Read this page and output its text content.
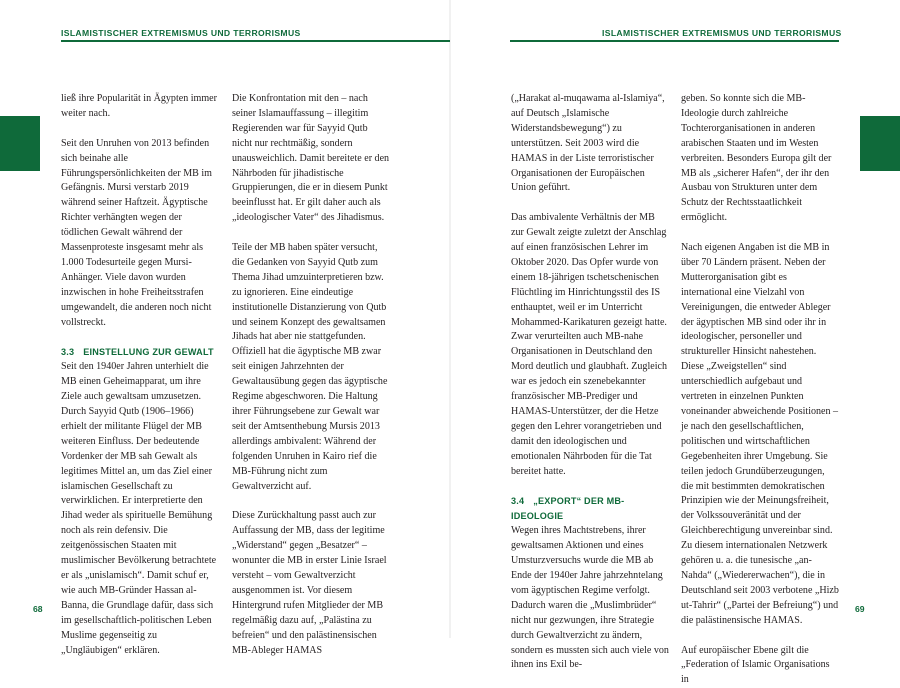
ISLAMISTISCHER EXTREMISMUS UND TERRORISMUS

ließ ihre Popularität in Ägypten immer weiter nach.

Seit den Unruhen von 2013 befinden sich beinahe alle Führungspersönlichkeiten der MB im Gefängnis. Mursi verstarb 2019 während seiner Haftzeit. Ägyptische Richter verhängten wegen der tödlichen Gewalt während der Massenproteste insgesamt mehr als 1.000 Todesurteile gegen Mursi-Anhänger. Viele davon wurden inzwischen in hohe Freiheitsstrafen umgewandelt, die anderen noch nicht vollstreckt.

3.3 EINSTELLUNG ZUR GEWALT

Seit den 1940er Jahren unterhielt die MB einen Geheimapparat, um ihre Ziele auch gewaltsam umzusetzen. Durch Sayyid Qutb (1906–1966) erhielt der militante Flügel der MB weiteren Einfluss. Der bedeutende Vordenker der MB sah Gewalt als legitimes Mittel an, um das Ziel einer islamischen Gesellschaft zu verwirklichen. Er interpretierte den Jihad weder als spirituelle Bemühung noch als rein defensiv. Die zeitgenössischen Staaten mit muslimischer Bevölkerung betrachtete er als „unislamisch“. Damit schuf er, wie auch MB-Gründer Hassan al-Banna, die Grundlage dafür, dass sich im gesellschaftlich-politischen Leben Muslime gegenseitig zu „Ungläubigen“ erklären.

Die Konfrontation mit den – nach seiner Islamauffassung – illegitim Regierenden war für Sayyid Qutb nicht nur rechtmäßig, sondern unausweichlich. Damit bereitete er den Nährboden für jihadistische Gruppierungen, die er in diesem Punkt beeinflusst hat. Er gilt daher auch als „ideologischer Vater“ des Jihadismus.

Teile der MB haben später versucht, die Gedanken von Sayyid Qutb zum Thema Jihad umzuinterpretieren bzw. zu ignorieren. Eine eindeutige institutionelle Distanzierung von Qutb und seinem Konzept des gewaltsamen Jihads hat aber nie stattgefunden. Offiziell hat die ägyptische MB zwar seit einigen Jahrzehnten der Gewaltausübung gegen das ägyptische Regime abgeschworen. Die Haltung ihrer Führungsebene zur Gewalt war seit der Amtsenthebung Mursis 2013 allerdings ambivalent: Während der folgenden Unruhen in Kairo rief die MB-Führung nicht zum Gewaltverzicht auf.

Diese Zurückhaltung passt auch zur Auffassung der MB, dass der legitime „Widerstand“ gegen „Besatzer“ – wonunter die MB in erster Linie Israel versteht – vom Gewaltverzicht ausgenommen ist. Vor diesem Hintergrund rufen Mitglieder der MB regelmäßig dazu auf, „Palästina zu befreien“ und den palästinensischen MB-Ableger HAMAS

68
ISLAMISTISCHER EXTREMISMUS UND TERRORISMUS

(„Harakat al-muqawama al-Islamiya“, auf Deutsch „Islamische Widerstandsbewegung“) zu unterstützen. Seit 2003 wird die HAMAS in der Liste terroristischer Organisationen der Europäischen Union geführt.

Das ambivalente Verhältnis der MB zur Gewalt zeigte zuletzt der Anschlag auf einen französischen Lehrer im Oktober 2020. Das Opfer wurde von einem 18-jährigen tschetschenischen Flüchtling im Hinrichtungsstil des IS enthauptet, weil er im Unterricht Mohammed-Karikaturen gezeigt hatte. Zwar verurteilten auch MB-nahe Organisationen in Deutschland den Mord deutlich und glaubhaft. Zugleich war es jedoch ein szenebekannter französischer MB-Prediger und HAMAS-Unterstützer, der die Hetze gegen den Lehrer vorangetrieben und damit den ideologischen und emotionalen Nährboden für die Tat bereitet hatte.

3.4 „EXPORT“ DER MB-IDEOLOGIE

Wegen ihres Machtstrebens, ihrer gewaltsamen Aktionen und eines Umsturzversuchs wurde die MB ab Ende der 1940er Jahre jahrzehntelang vom ägyptischen Regime verfolgt. Dadurch waren die „Muslimbrüder“ nicht nur gezwungen, ihre Strategie durch Gewaltverzicht zu ändern, sondern es mussten sich auch viele von ihnen ins Exil be-

geben. So konnte sich die MB-Ideologie durch zahlreiche Tochterorganisationen in anderen arabischen Staaten und im Westen verbreiten. Besonders Europa gilt der MB als „sicherer Hafen“, der ihr den Ausbau von Strukturen unter dem Schutz der Rechtsstaatlichkeit ermöglicht.

Nach eigenen Angaben ist die MB in über 70 Ländern präsent. Neben der Mutterorganisation gibt es international eine Vielzahl von Vereinigungen, die entweder Ableger der ägyptischen MB sind oder ihr in ideologischer, personeller und struktureller Hinsicht nahestehen. Diese „Zweigstellen“ sind unterschiedlich aufgebaut und vertreten in einzelnen Punkten voneinander abweichende Positionen – je nach den gesellschaftlichen, politischen und wirtschaftlichen Gegebenheiten ihrer Umgebung. Sie teilen jedoch Grundüberzeugungen, die mit bestimmten demokratischen Prinzipien wie der Meinungsfreiheit, der Volkssouveränität und der Gleichberechtigung unvereinbar sind. Zu diesem internationalen Netzwerk gehören u. a. die tunesische „an-Nahda“ („Wiedererwachen“), die in Deutschland seit 2003 verbotene „Hizb ut-Tahrir“ („Partei der Befreiung“) und die palästinensische HAMAS.

Auf europäischer Ebene gilt die „Federation of Islamic Organisations in

69
